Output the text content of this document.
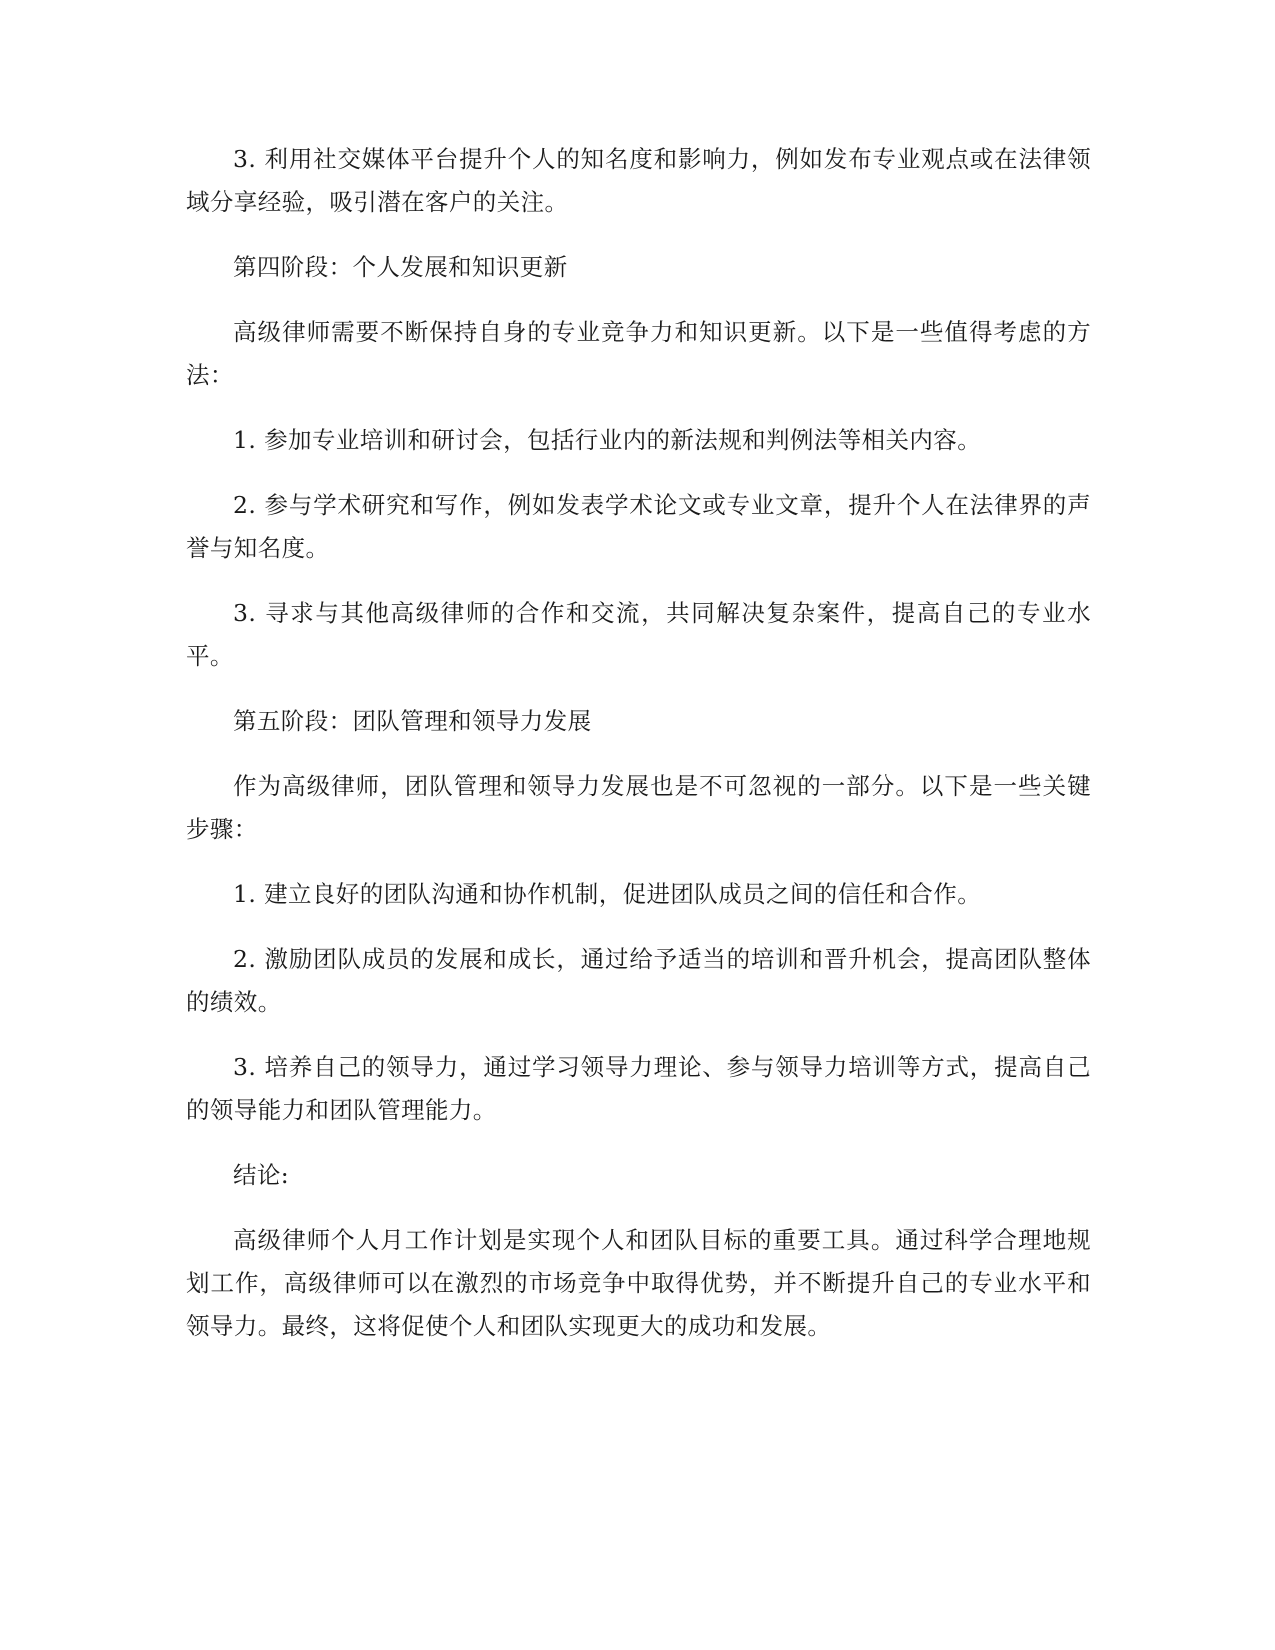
3. 利用社交媒体平台提升个人的知名度和影响力，例如发布专业观点或在法律领域分享经验，吸引潜在客户的关注。

第四阶段：个人发展和知识更新

高级律师需要不断保持自身的专业竞争力和知识更新。以下是一些值得考虑的方法：

1. 参加专业培训和研讨会，包括行业内的新法规和判例法等相关内容。

2. 参与学术研究和写作，例如发表学术论文或专业文章，提升个人在法律界的声誉与知名度。

3. 寻求与其他高级律师的合作和交流，共同解决复杂案件，提高自己的专业水平。

第五阶段：团队管理和领导力发展

作为高级律师，团队管理和领导力发展也是不可忽视的一部分。以下是一些关键步骤：

1. 建立良好的团队沟通和协作机制，促进团队成员之间的信任和合作。

2. 激励团队成员的发展和成长，通过给予适当的培训和晋升机会，提高团队整体的绩效。

3. 培养自己的领导力，通过学习领导力理论、参与领导力培训等方式，提高自己的领导能力和团队管理能力。

结论:

高级律师个人月工作计划是实现个人和团队目标的重要工具。通过科学合理地规划工作，高级律师可以在激烈的市场竞争中取得优势，并不断提升自己的专业水平和领导力。最终，这将促使个人和团队实现更大的成功和发展。
